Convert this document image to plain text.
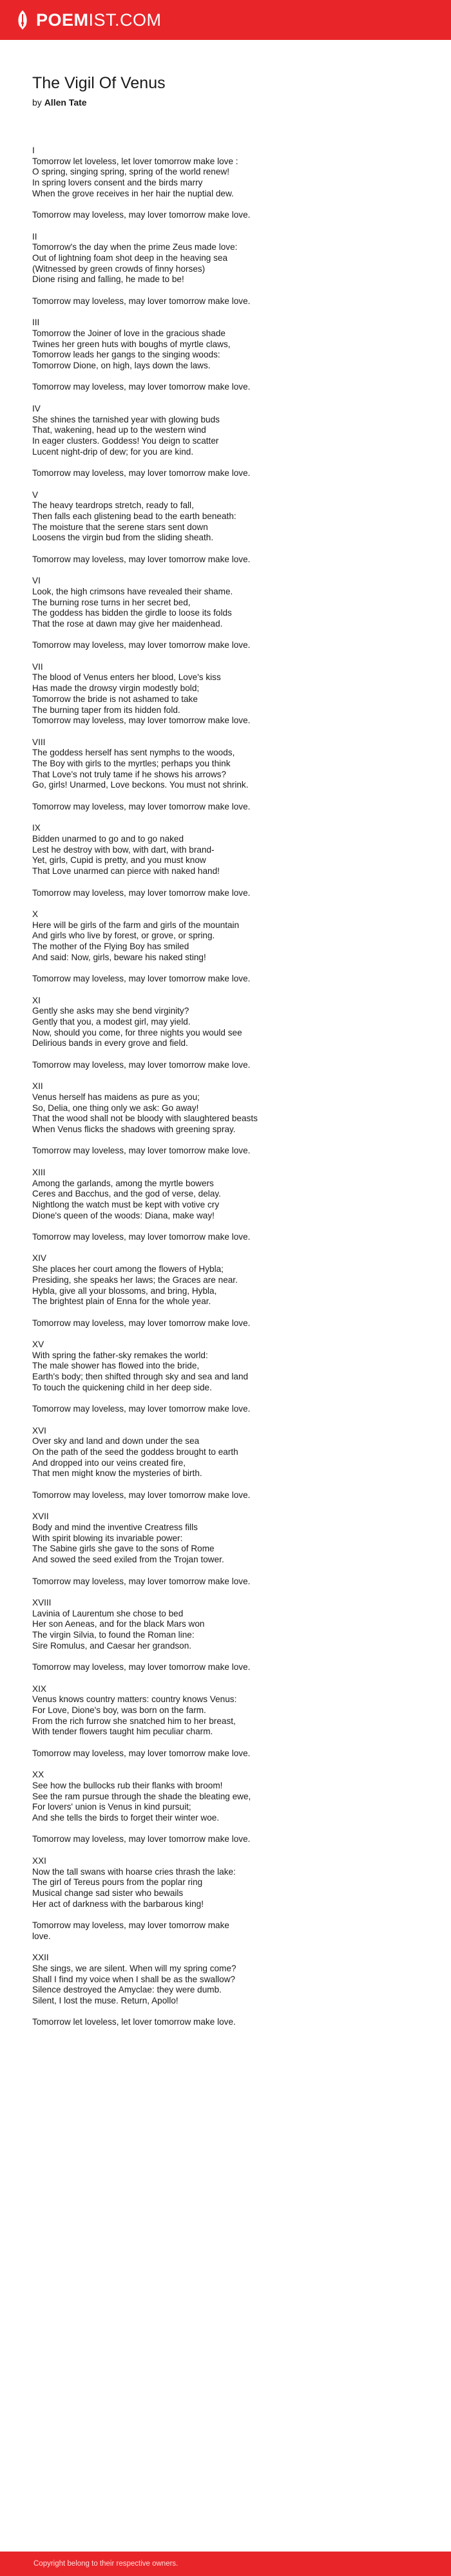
POEMIST.COM
The Vigil Of Venus
by Allen Tate
I
Tomorrow let loveless, let lover tomorrow make love :
O spring, singing spring, spring of the world renew!
In spring lovers consent and the birds marry
When the grove receives in her hair the nuptial dew.

Tomorrow may loveless, may lover tomorrow make love.

II
Tomorrow's the day when the prime Zeus made love:
Out of lightning foam shot deep in the heaving sea
(Witnessed by green crowds of finny horses)
Dione rising and falling, he made to be!

Tomorrow may loveless, may lover tomorrow make love.

III
Tomorrow the Joiner of love in the gracious shade
Twines her green huts with boughs of myrtle claws,
Tomorrow leads her gangs to the singing woods:
Tomorrow Dione, on high, lays down the laws.

Tomorrow may loveless, may lover tomorrow make love.

IV
She shines the tarnished year with glowing buds
That, wakening, head up to the western wind
In eager clusters. Goddess! You deign to scatter
Lucent night-drip of dew; for you are kind.

Tomorrow may loveless, may lover tomorrow make love.

V
The heavy teardrops stretch, ready to fall,
Then falls each glistening bead to the earth beneath:
The moisture that the serene stars sent down
Loosens the virgin bud from the sliding sheath.

Tomorrow may loveless, may lover tomorrow make love.

VI
Look, the high crimsons have revealed their shame.
The burning rose turns in her secret bed,
The goddess has bidden the girdle to loose its folds
That the rose at dawn may give her maidenhead.

Tomorrow may loveless, may lover tomorrow make love.

VII
The blood of Venus enters her blood, Love's kiss
Has made the drowsy virgin modestly bold;
Tomorrow the bride is not ashamed to take
The burning taper from its hidden fold.
Tomorrow may loveless, may lover tomorrow make love.

VIII
The goddess herself has sent nymphs to the woods,
The Boy with girls to the myrtles; perhaps you think
That Love's not truly tame if he shows his arrows?
Go, girls! Unarmed, Love beckons. You must not shrink.

Tomorrow may loveless, may lover tomorrow make love.

IX
Bidden unarmed to go and to go naked
Lest he destroy with bow, with dart, with brand-
Yet, girls, Cupid is pretty, and you must know
That Love unarmed can pierce with naked hand!

Tomorrow may loveless, may lover tomorrow make love.

X
Here will be girls of the farm and girls of the mountain
And girls who live by forest, or grove, or spring.
The mother of the Flying Boy has smiled
And said: Now, girls, beware his naked sting!

Tomorrow may loveless, may lover tomorrow make love.

XI
Gently she asks may she bend virginity?
Gently that you, a modest girl, may yield.
Now, should you come, for three nights you would see
Delirious bands in every grove and field.

Tomorrow may loveless, may lover tomorrow make love.

XII
Venus herself has maidens as pure as you;
So, Delia, one thing only we ask: Go away!
That the wood shall not be bloody with slaughtered beasts
When Venus flicks the shadows with greening spray.

Tomorrow may loveless, may lover tomorrow make love.

XIII
Among the garlands, among the myrtle bowers
Ceres and Bacchus, and the god of verse, delay.
Nightlong the watch must be kept with votive cry
Dione's queen of the woods: Diana, make way!

Tomorrow may loveless, may lover tomorrow make love.

XIV
She places her court among the flowers of Hybla;
Presiding, she speaks her laws; the Graces are near.
Hybla, give all your blossoms, and bring, Hybla,
The brightest plain of Enna for the whole year.

Tomorrow may loveless, may lover tomorrow make love.

XV
With spring the father-sky remakes the world:
The male shower has flowed into the bride,
Earth's body; then shifted through sky and sea and land
To touch the quickening child in her deep side.

Tomorrow may loveless, may lover tomorrow make love.

XVI
Over sky and land and down under the sea
On the path of the seed the goddess brought to earth
And dropped into our veins created fire,
That men might know the mysteries of birth.

Tomorrow may loveless, may lover tomorrow make love.

XVII
Body and mind the inventive Creatress fills
With spirit blowing its invariable power:
The Sabine girls she gave to the sons of Rome
And sowed the seed exiled from the Trojan tower.

Tomorrow may loveless, may lover tomorrow make love.

XVIII
Lavinia of Laurentum she chose to bed
Her son Aeneas, and for the black Mars won
The virgin Silvia, to found the Roman line:
Sire Romulus, and Caesar her grandson.

Tomorrow may loveless, may lover tomorrow make love.

XIX
Venus knows country matters: country knows Venus:
For Love, Dione's boy, was born on the farm.
From the rich furrow she snatched him to her breast,
With tender flowers taught him peculiar charm.

Tomorrow may loveless, may lover tomorrow make love.

XX
See how the bullocks rub their flanks with broom!
See the ram pursue through the shade the bleating ewe,
For lovers' union is Venus in kind pursuit;
And she tells the birds to forget their winter woe.

Tomorrow may loveless, may lover tomorrow make love.

XXI
Now the tall swans with hoarse cries thrash the lake:
The girl of Tereus pours from the poplar ring
Musical change sad sister who bewails
Her act of darkness with the barbarous king!

Tomorrow may loveless, may lover tomorrow make
love.

XXII
She sings, we are silent. When will my spring come?
Shall I find my voice when I shall be as the swallow?
Silence destroyed the Amyclae: they were dumb.
Silent, I lost the muse. Return, Apollo!

Tomorrow let loveless, let lover tomorrow make love.
Copyright belong to their respective owners.
